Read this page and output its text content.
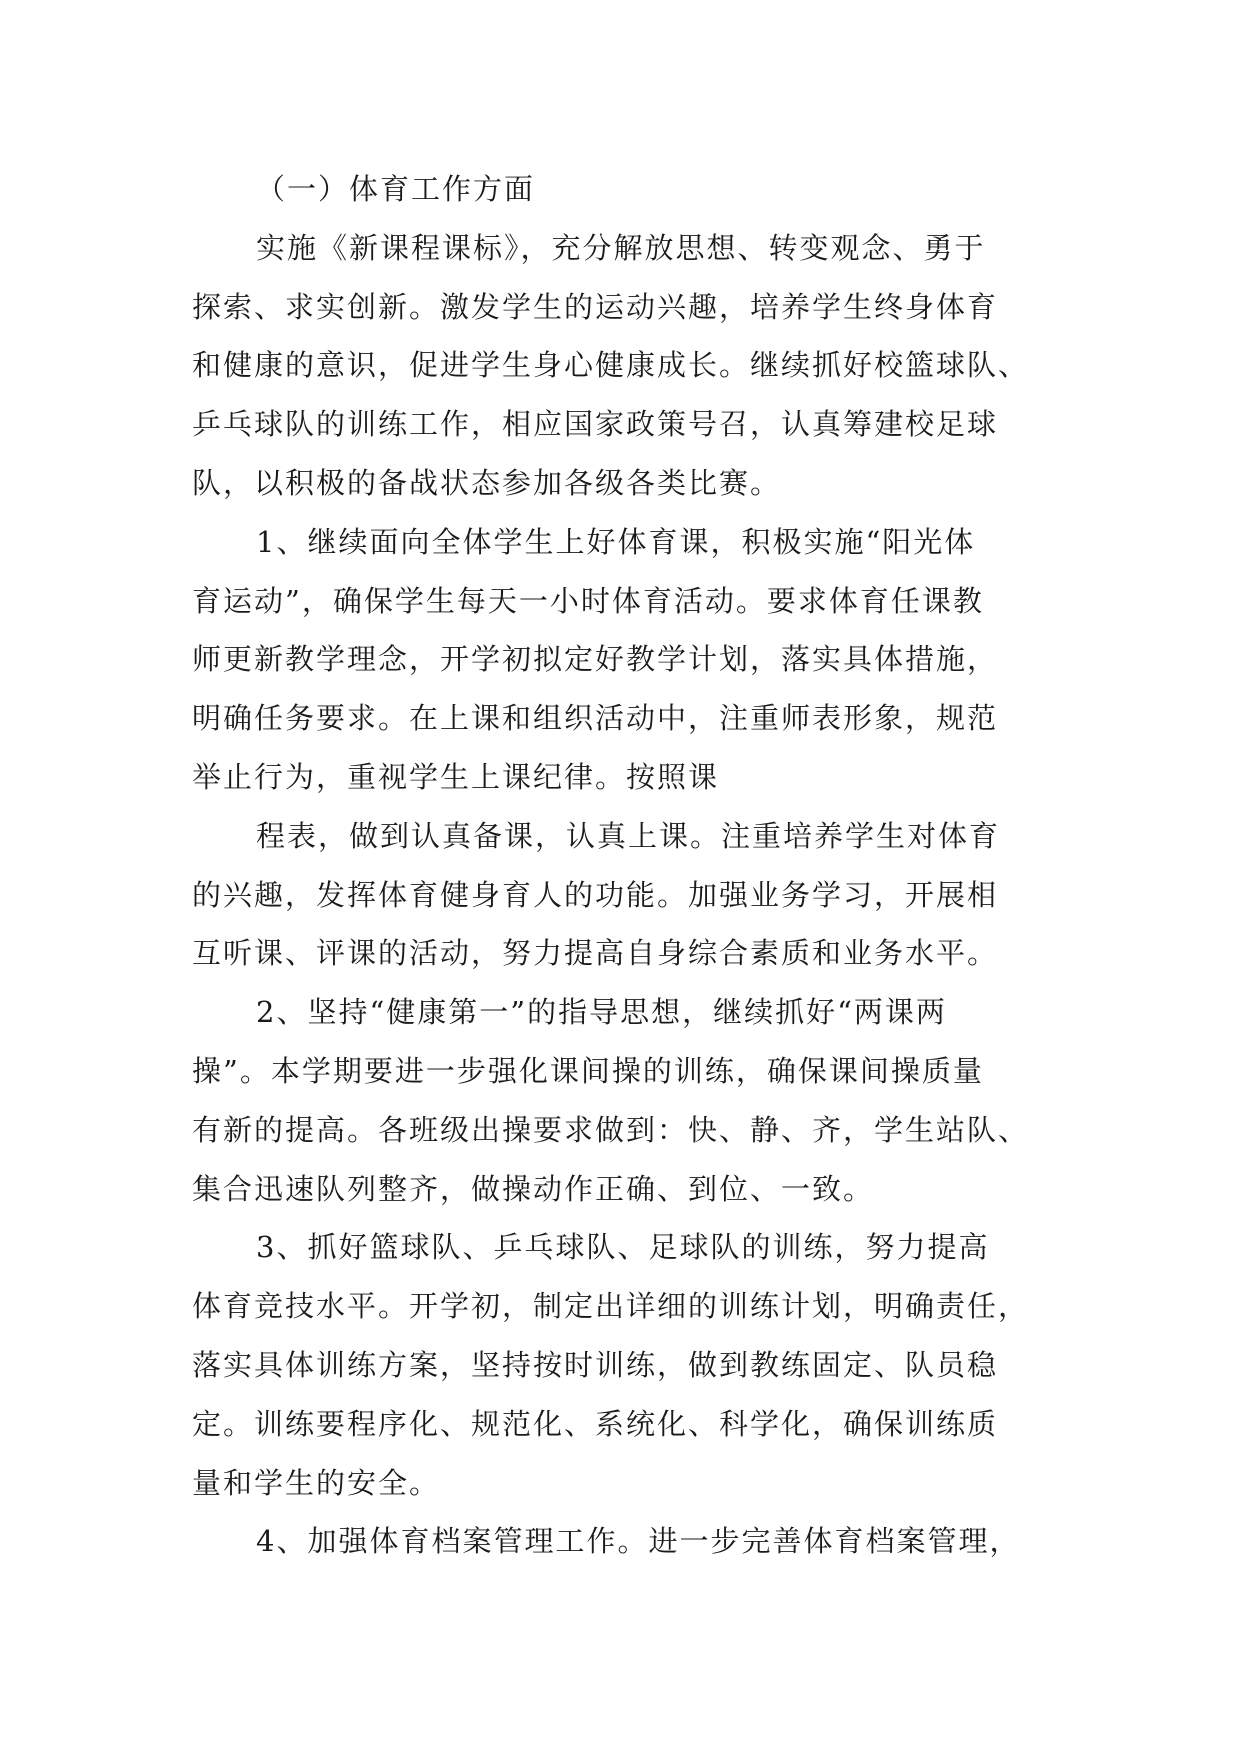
（一）体育工作方面
实施《新课程课标》，充分解放思想、转变观念、勇于
探索、求实创新。激发学生的运动兴趣，培养学生终身体育
和健康的意识，促进学生身心健康成长。继续抓好校篮球队、
乒乓球队的训练工作，相应国家政策号召，认真筹建校足球
队，以积极的备战状态参加各级各类比赛。
1、继续面向全体学生上好体育课，积极实施“阳光体
育运动”，确保学生每天一小时体育活动。要求体育任课教
师更新教学理念，开学初拟定好教学计划，落实具体措施，
明确任务要求。在上课和组织活动中，注重师表形象，规范
举止行为，重视学生上课纪律。按照课
程表，做到认真备课，认真上课。注重培养学生对体育
的兴趣，发挥体育健身育人的功能。加强业务学习，开展相
互听课、评课的活动，努力提高自身综合素质和业务水平。
2、坚持“健康第一”的指导思想，继续抓好“两课两
操”。本学期要进一步强化课间操的训练，确保课间操质量
有新的提高。各班级出操要求做到：快、静、齐，学生站队、
集合迅速队列整齐，做操动作正确、到位、一致。
3、抓好篮球队、乒乓球队、足球队的训练，努力提高
体育竞技水平。开学初，制定出详细的训练计划，明确责任，
落实具体训练方案，坚持按时训练，做到教练固定、队员稳
定。训练要程序化、规范化、系统化、科学化，确保训练质
量和学生的安全。
4、加强体育档案管理工作。进一步完善体育档案管理，
